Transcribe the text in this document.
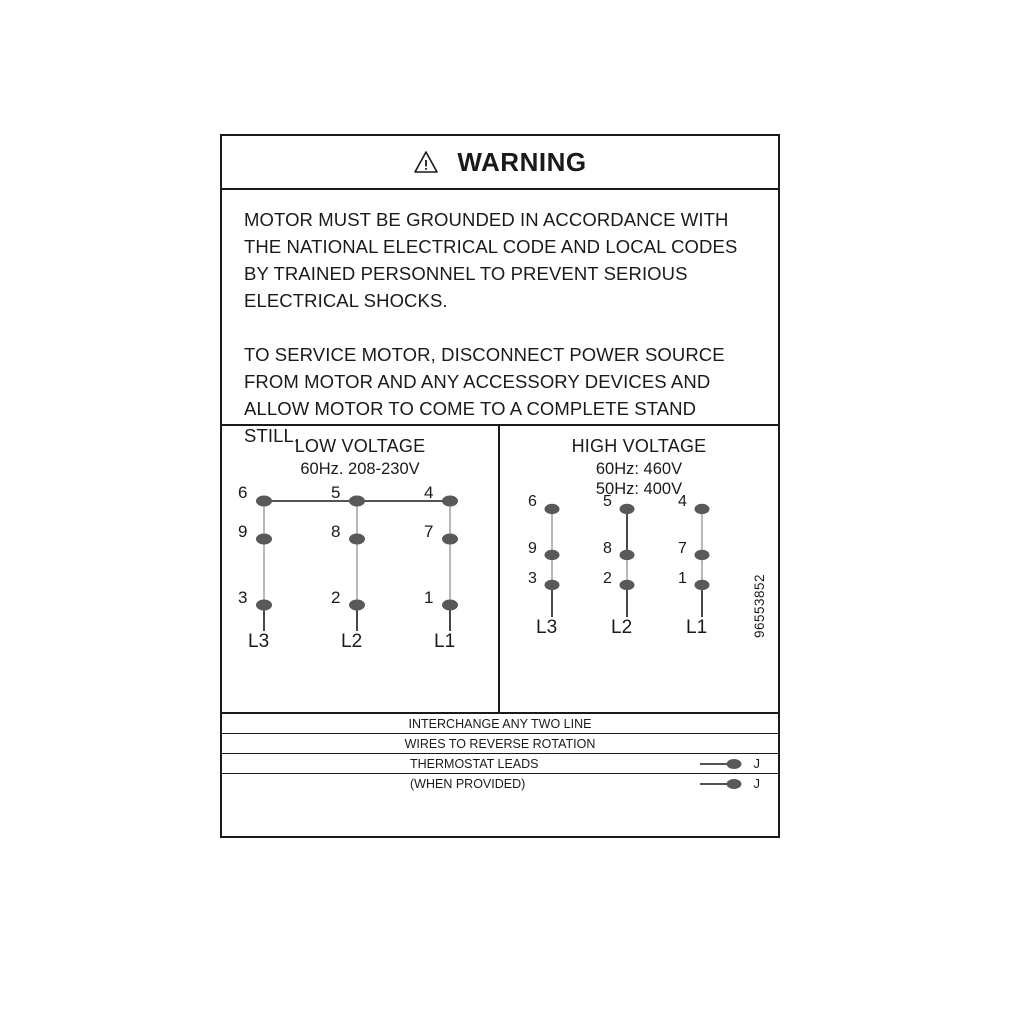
WARNING

MOTOR MUST BE GROUNDED IN ACCORDANCE WITH THE NATIONAL ELECTRICAL CODE AND LOCAL CODES BY TRAINED PERSONNEL TO PREVENT SERIOUS ELECTRICAL SHOCKS.

TO SERVICE MOTOR, DISCONNECT POWER SOURCE FROM MOTOR AND ANY ACCESSORY DEVICES AND ALLOW MOTOR TO COME TO A COMPLETE STAND STILL.

LOW VOLTAGE
60Hz. 208-230V
6	5	4
9	8	7
3	2	1
L3	L2	L1
HIGH VOLTAGE
60Hz: 460V
50Hz: 400V
6	5	4
9	8	7
3	2	1
L3	L2	L1
INTERCHANGE ANY TWO LINE
WIRES TO REVERSE ROTATION
THERMOSTAT LEADS	J
(WHEN PROVIDED)	J
96553852
